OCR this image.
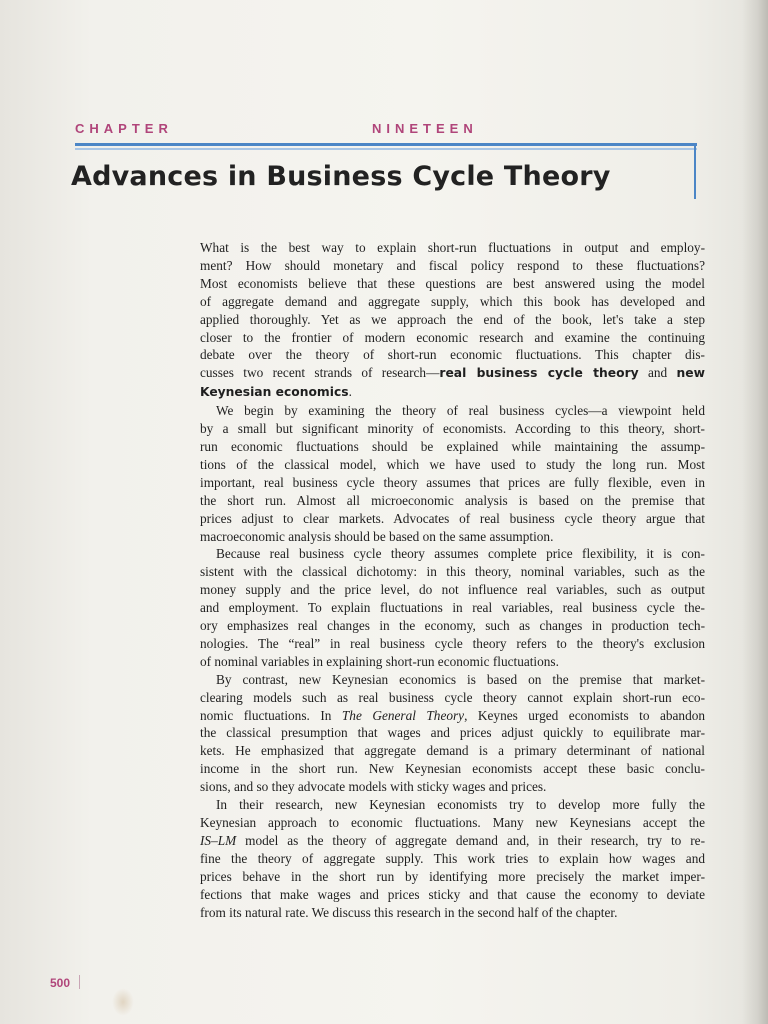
CHAPTER	NINETEEN
Advances in Business Cycle Theory
What is the best way to explain short-run fluctuations in output and employ-
ment? How should monetary and fiscal policy respond to these fluctuations?
Most economists believe that these questions are best answered using the model
of aggregate demand and aggregate supply, which this book has developed and
applied thoroughly. Yet as we approach the end of the book, let's take a step
closer to the frontier of modern economic research and examine the continuing
debate over the theory of short-run economic fluctuations. This chapter dis-
cusses two recent strands of research—real business cycle theory and new
Keynesian economics.
We begin by examining the theory of real business cycles—a viewpoint held
by a small but significant minority of economists. According to this theory, short-
run economic fluctuations should be explained while maintaining the assump-
tions of the classical model, which we have used to study the long run. Most
important, real business cycle theory assumes that prices are fully flexible, even in
the short run. Almost all microeconomic analysis is based on the premise that
prices adjust to clear markets. Advocates of real business cycle theory argue that
macroeconomic analysis should be based on the same assumption.
Because real business cycle theory assumes complete price flexibility, it is con-
sistent with the classical dichotomy: in this theory, nominal variables, such as the
money supply and the price level, do not influence real variables, such as output
and employment. To explain fluctuations in real variables, real business cycle the-
ory emphasizes real changes in the economy, such as changes in production tech-
nologies. The “real” in real business cycle theory refers to the theory's exclusion
of nominal variables in explaining short-run economic fluctuations.
By contrast, new Keynesian economics is based on the premise that market-
clearing models such as real business cycle theory cannot explain short-run eco-
nomic fluctuations. In The General Theory, Keynes urged economists to abandon
the classical presumption that wages and prices adjust quickly to equilibrate mar-
kets. He emphasized that aggregate demand is a primary determinant of national
income in the short run. New Keynesian economists accept these basic conclu-
sions, and so they advocate models with sticky wages and prices.
In their research, new Keynesian economists try to develop more fully the
Keynesian approach to economic fluctuations. Many new Keynesians accept the
IS–LM model as the theory of aggregate demand and, in their research, try to re-
fine the theory of aggregate supply. This work tries to explain how wages and
prices behave in the short run by identifying more precisely the market imper-
fections that make wages and prices sticky and that cause the economy to deviate
from its natural rate. We discuss this research in the second half of the chapter.
500
